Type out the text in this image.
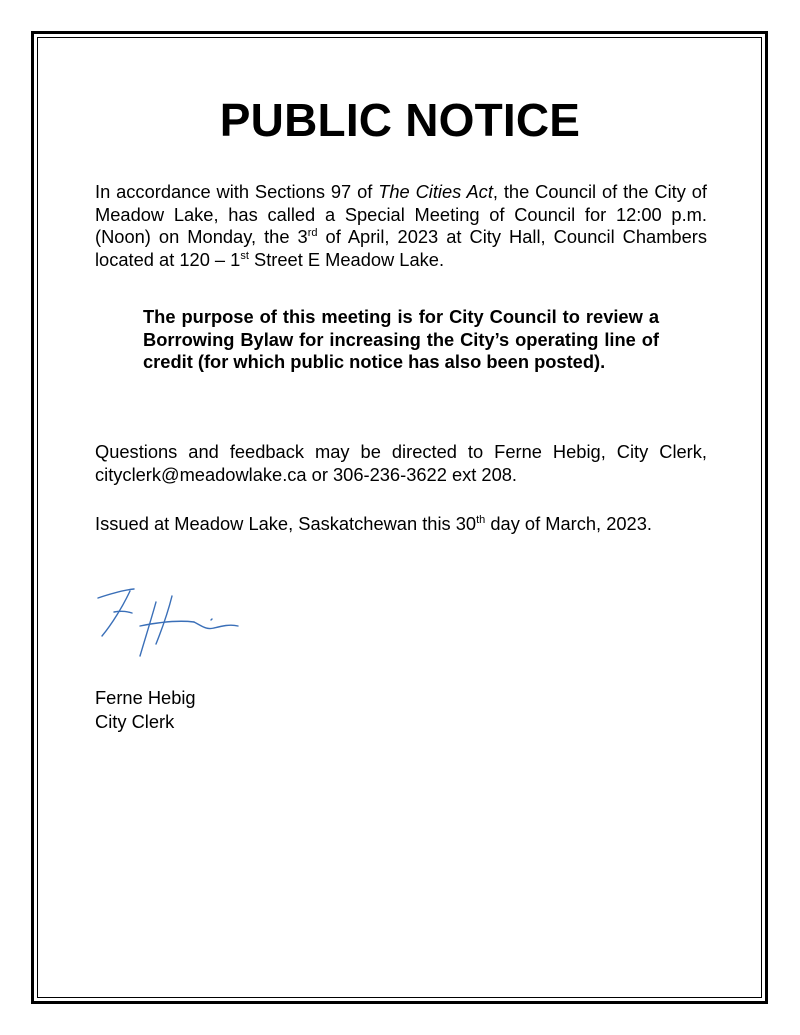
PUBLIC NOTICE

In accordance with Sections 97 of The Cities Act, the Council of the City of Meadow Lake, has called a Special Meeting of Council for 12:00 p.m. (Noon) on Monday, the 3rd of April, 2023 at City Hall, Council Chambers located at 120 – 1st Street E Meadow Lake.

The purpose of this meeting is for City Council to review a Borrowing Bylaw for increasing the City’s operating line of credit (for which public notice has also been posted).

Questions and feedback may be directed to Ferne Hebig, City Clerk, cityclerk@meadowlake.ca or 306-236-3622 ext 208.

Issued at Meadow Lake, Saskatchewan this 30th day of March, 2023.

Ferne Hebig
City Clerk
